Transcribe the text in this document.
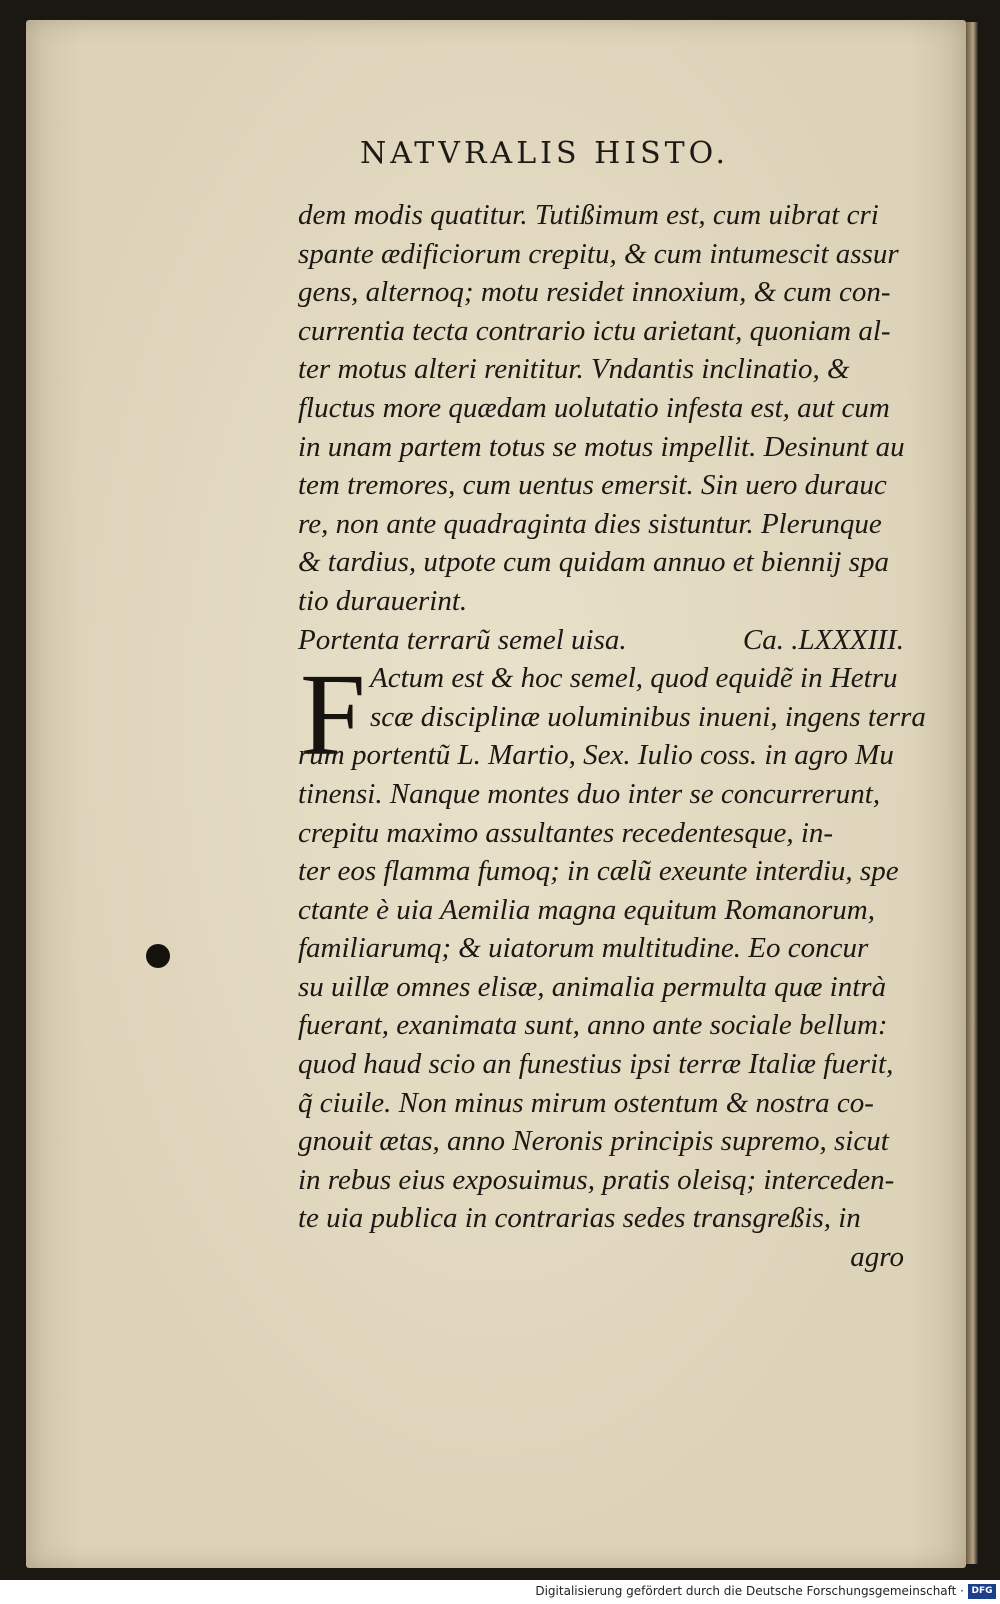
NATVRALIS HISTO.
F
dem modis quatitur. Tutißimum est, cum uibrat cri
spante ædificiorum crepitu, & cum intumescit assur
gens, alternoq; motu residet innoxium, & cum con-
currentia tecta contrario ictu arietant, quoniam al-
ter motus alteri renititur. Vndantis inclinatio, &
fluctus more quædam uolutatio infesta est, aut cum
in unam partem totus se motus impellit. Desinunt au
tem tremores, cum uentus emersit. Sin uero durauc
re, non ante quadraginta dies sistuntur. Plerunque
& tardius, utpote cum quidam annuo et biennij spa
tio durauerint.
Portenta terrarũ semel uisa.	Ca. .LXXXIII.
Actum est & hoc semel, quod equidẽ in Hetru
scæ disciplinæ uoluminibus inueni, ingens terra
rum portentũ L. Martio, Sex. Iulio coss. in agro Mu
tinensi. Nanque montes duo inter se concurrerunt,
crepitu maximo assultantes recedentesque, in-
ter eos flamma fumoq; in cælũ exeunte interdiu, spe
ctante è uia Aemilia magna equitum Romanorum,
familiarumq; & uiatorum multitudine. Eo concur
su uillæ omnes elisæ, animalia permulta quæ intrà
fuerant, exanimata sunt, anno ante sociale bellum:
quod haud scio an funestius ipsi terræ Italiæ fuerit,
q̃ ciuile. Non minus mirum ostentum & nostra co-
gnouit ætas, anno Neronis principis supremo, sicut
in rebus eius exposuimus, pratis oleisq; interceden-
te uia publica in contrarias sedes transgreßis, in
agro
Digitalisierung gefördert durch die Deutsche Forschungsgemeinschaft · DFG
